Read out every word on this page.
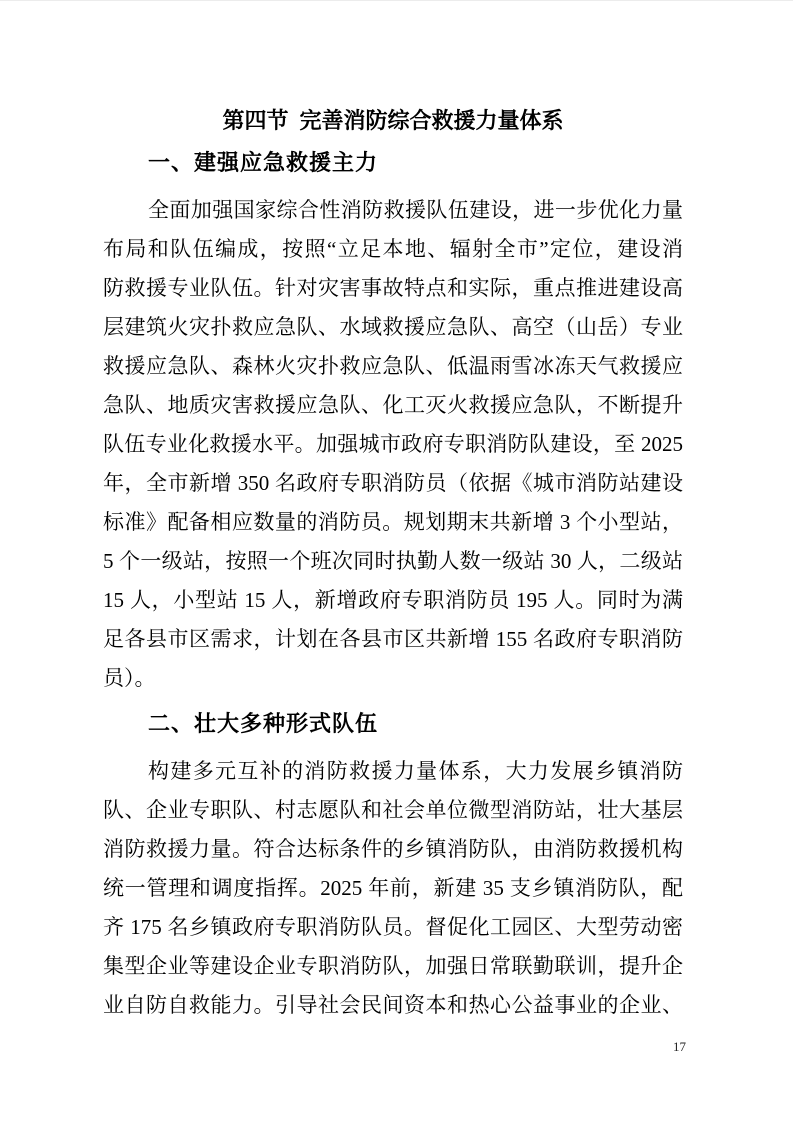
第四节  完善消防综合救援力量体系
一、建强应急救援主力
全面加强国家综合性消防救援队伍建设，进一步优化力量
布局和队伍编成，按照“立足本地、辐射全市”定位，建设消
防救援专业队伍。针对灾害事故特点和实际，重点推进建设高
层建筑火灾扑救应急队、水域救援应急队、高空（山岳）专业
救援应急队、森林火灾扑救应急队、低温雨雪冰冻天气救援应
急队、地质灾害救援应急队、化工灭火救援应急队，不断提升
队伍专业化救援水平。加强城市政府专职消防队建设，至 2025
年，全市新增 350 名政府专职消防员（依据《城市消防站建设
标准》配备相应数量的消防员。规划期末共新增 3 个小型站，
5 个一级站，按照一个班次同时执勤人数一级站 30 人，二级站
15 人，小型站 15 人，新增政府专职消防员 195 人。同时为满
足各县市区需求，计划在各县市区共新增 155 名政府专职消防
员）。
二、壮大多种形式队伍
构建多元互补的消防救援力量体系，大力发展乡镇消防
队、企业专职队、村志愿队和社会单位微型消防站，壮大基层
消防救援力量。符合达标条件的乡镇消防队，由消防救援机构
统一管理和调度指挥。2025 年前，新建 35 支乡镇消防队，配
齐 175 名乡镇政府专职消防队员。督促化工园区、大型劳动密
集型企业等建设企业专职消防队，加强日常联勤联训，提升企
业自防自救能力。引导社会民间资本和热心公益事业的企业、
17
